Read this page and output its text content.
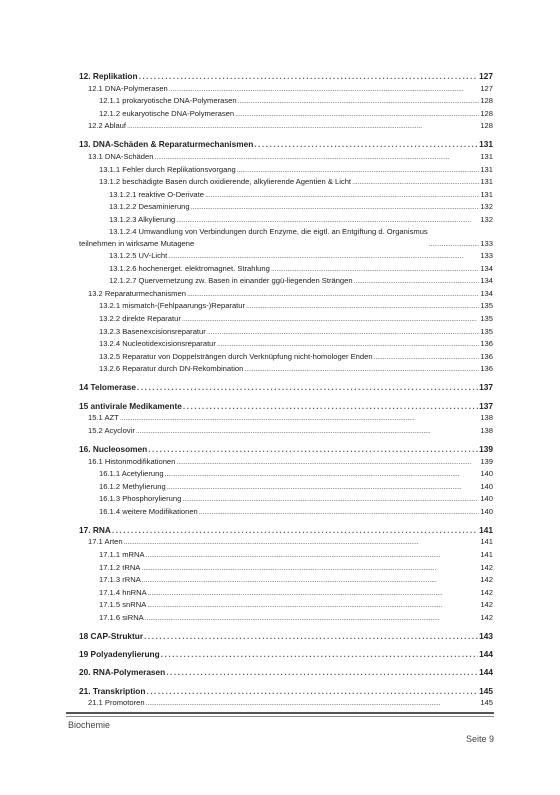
12. Replikation . . .	127
12.1 DNA-Polymerasen . . .	127
12.1.1 prokaryotische DNA-Polymerasen . . .	128
12.1.2 eukaryotische DNA-Polymerasen . . .	128
12.2 Ablauf . . .	128
13. DNA-Schäden & Reparaturmechanismen . . .	131
13.1 DNA-Schäden . . .	131
13.1.1 Fehler durch Replikationsvorgang . . .	131
13.1.2 beschädigte Basen durch oxidierende, alkylierende Agentien & Licht . . .	131
13.1.2.1 reaktive O-Derivate . . .	131
13.1.2.2 Desaminierung . . .	132
13.1.2.3 Alkylierung . . .	132
13.1.2.4 Umwandlung von Verbindungen durch Enzyme, die eigtl. an Entgiftung d. Organismus
teilnehmen in wirksame Mutagene . . .	133
13.1.2.5 UV-Licht . . .	133
13.1.2.6 hochenerget. elektromagnet. Strahlung . . .	134
12.1.2.7 Quervernetzung zw. Basen in einander ggü-liegenden Strängen . . .	134
13.2 Reparaturmechanismen . . .	134
13.2.1 mismatch-(Fehlpaarungs-)Reparatur . . .	135
13.2.2 direkte Reparatur . . .	135
13.2.3 Basenexcisionsreparatur . . .	135
13.2.4 Nucleotidexcisionsreparatur . . .	136
13.2.5 Reparatur von Doppelsträngen durch Verknüpfung nicht-homologer Enden . . .	136
13.2.6 Reparatur durch DN-Rekombination . . .	136
14 Telomerase . . .	137
15 antivirale Medikamente . . .	137
15.1 AZT . . .	138
15.2 Acyclovir . . .	138
16. Nucleosomen . . .	139
16.1 Histonmodifikationen . . .	139
16.1.1 Acetylierung . . .	140
16.1.2 Methylierung . . .	140
16.1.3 Phosphorylierung . . .	140
16.1.4 weitere Modifikationen . . .	140
17. RNA . . .	141
17.1 Arten . . .	141
17.1.1 mRNA . . .	141
17.1.2 tRNA . . .	142
17.1.3 rRNA . . .	142
17.1.4 hnRNA . . .	142
17.1.5 snRNA . . .	142
17.1.6 siRNA . . .	142
18 CAP-Struktur . . .	143
19 Polyadenylierung . . .	144
20. RNA-Polymerasen . . .	144
21. Transkription . . .	145
21.1 Promotoren . . .	145
Biochemie
Seite 9
